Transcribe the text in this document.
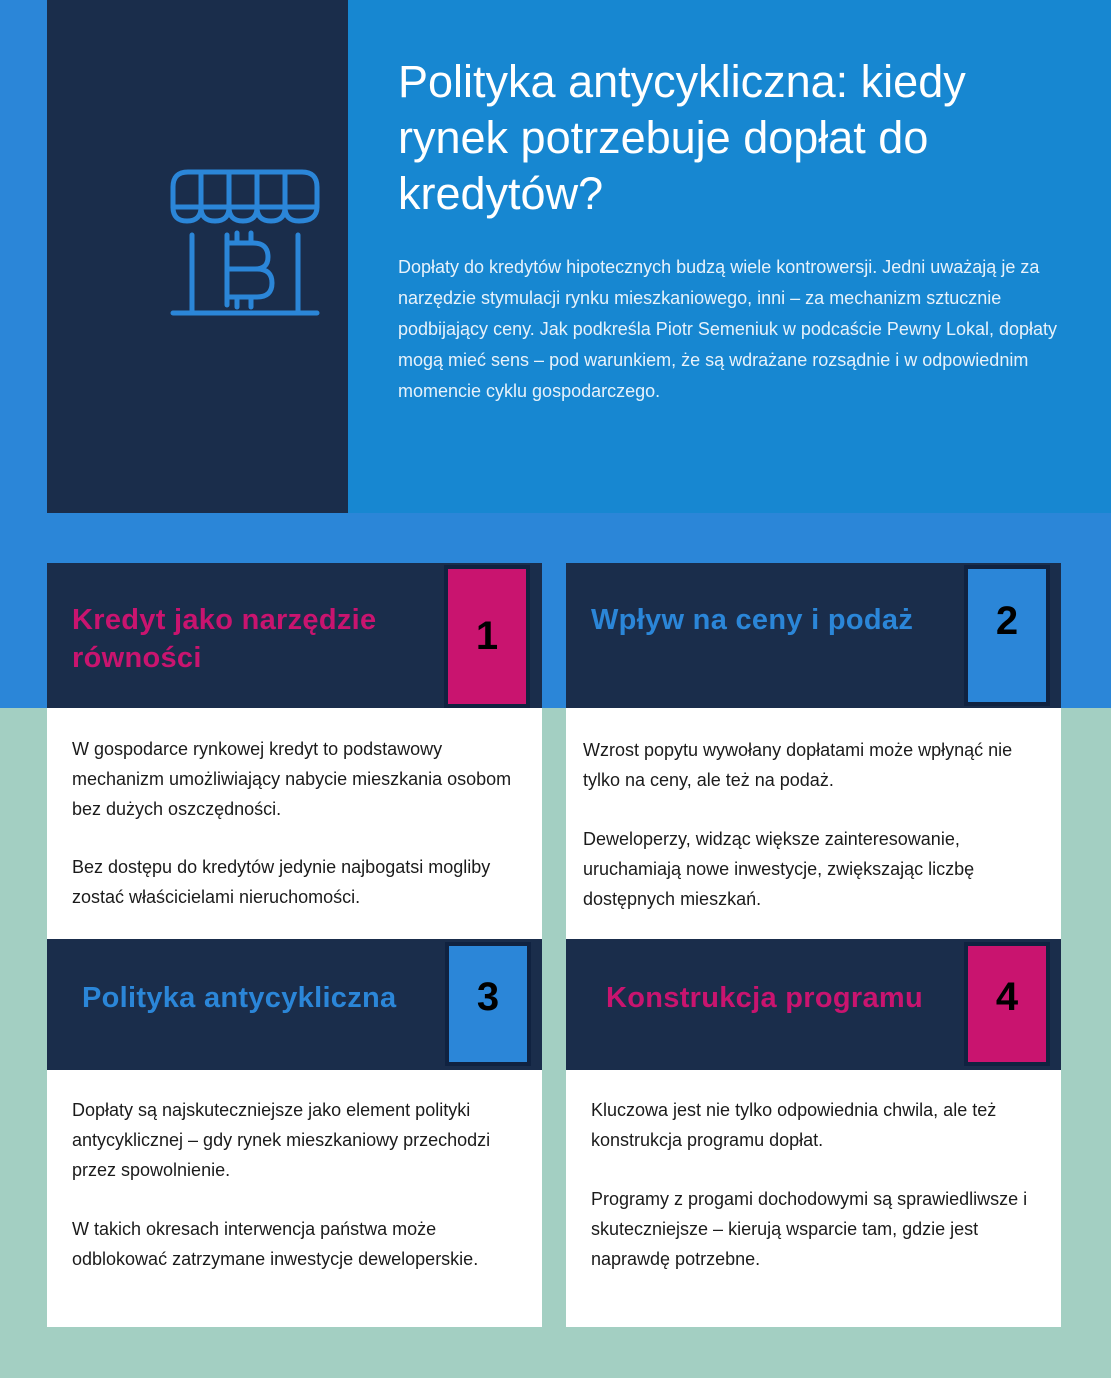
Polityka antycykliczna: kiedy rynek potrzebuje dopłat do kredytów?

Dopłaty do kredytów hipotecznych budzą wiele kontrowersji. Jedni uważają je za narzędzie stymulacji rynku mieszkaniowego, inni – za mechanizm sztucznie podbijający ceny. Jak podkreśla Piotr Semeniuk w podcaście Pewny Lokal, dopłaty mogą mieć sens – pod warunkiem, że są wdrażane rozsądnie i w odpowiednim momencie cyklu gospodarczego.

Kredyt jako narzędzie równości	1

W gospodarce rynkowej kredyt to podstawowy mechanizm umożliwiający nabycie mieszkania osobom bez dużych oszczędności.

Bez dostępu do kredytów jedynie najbogatsi mogliby zostać właścicielami nieruchomości.

Wpływ na ceny i podaż	2

Wzrost popytu wywołany dopłatami może wpłynąć nie tylko na ceny, ale też na podaż.

Deweloperzy, widząc większe zainteresowanie, uruchamiają nowe inwestycje, zwiększając liczbę dostępnych mieszkań.

Polityka antycykliczna	3

Dopłaty są najskuteczniejsze jako element polityki antycyklicznej – gdy rynek mieszkaniowy przechodzi przez spowolnienie.

W takich okresach interwencja państwa może odblokować zatrzymane inwestycje deweloperskie.

Konstrukcja programu	4

Kluczowa jest nie tylko odpowiednia chwila, ale też konstrukcja programu dopłat.

Programy z progami dochodowymi są sprawiedliwsze i skuteczniejsze – kierują wsparcie tam, gdzie jest naprawdę potrzebne.
